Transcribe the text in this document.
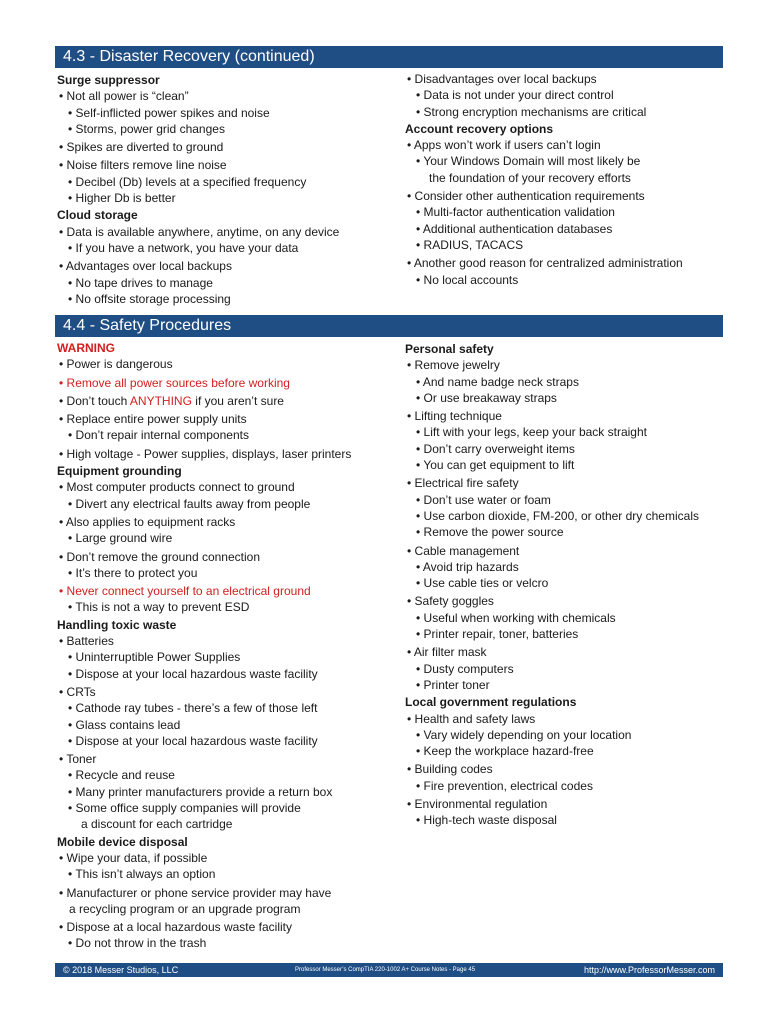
4.3 - Disaster Recovery (continued)
Surge suppressor
• Not all power is “clean”
• Self-inflicted power spikes and noise
• Storms, power grid changes
• Spikes are diverted to ground
• Noise filters remove line noise
• Decibel (Db) levels at a specified frequency
• Higher Db is better
Cloud storage
• Data is available anywhere, anytime, on any device
• If you have a network, you have your data
• Advantages over local backups
• No tape drives to manage
• No offsite storage processing
• Disadvantages over local backups
• Data is not under your direct control
• Strong encryption mechanisms are critical
Account recovery options
• Apps won’t work if users can’t login
• Your Windows Domain will most likely be
the foundation of your recovery efforts
• Consider other authentication requirements
• Multi-factor authentication validation
• Additional authentication databases
• RADIUS, TACACS
• Another good reason for centralized administration
• No local accounts
4.4 - Safety Procedures
WARNING
• Power is dangerous
• Remove all power sources before working
• Don’t touch ANYTHING if you aren’t sure
• Replace entire power supply units
• Don’t repair internal components
• High voltage - Power supplies, displays, laser printers
Equipment grounding
• Most computer products connect to ground
• Divert any electrical faults away from people
• Also applies to equipment racks
• Large ground wire
• Don’t remove the ground connection
• It’s there to protect you
• Never connect yourself to an electrical ground
• This is not a way to prevent ESD
Handling toxic waste
• Batteries
• Uninterruptible Power Supplies
• Dispose at your local hazardous waste facility
• CRTs
• Cathode ray tubes - there’s a few of those left
• Glass contains lead
• Dispose at your local hazardous waste facility
• Toner
• Recycle and reuse
• Many printer manufacturers provide a return box
• Some office supply companies will provide
a discount for each cartridge
Mobile device disposal
• Wipe your data, if possible
• This isn’t always an option
• Manufacturer or phone service provider may have
a recycling program or an upgrade program
• Dispose at a local hazardous waste facility
• Do not throw in the trash
Personal safety
• Remove jewelry
• And name badge neck straps
• Or use breakaway straps
• Lifting technique
• Lift with your legs, keep your back straight
• Don’t carry overweight items
• You can get equipment to lift
• Electrical fire safety
• Don’t use water or foam
• Use carbon dioxide, FM-200, or other dry chemicals
• Remove the power source
• Cable management
• Avoid trip hazards
• Use cable ties or velcro
• Safety goggles
• Useful when working with chemicals
• Printer repair, toner, batteries
• Air filter mask
• Dusty computers
• Printer toner
Local government regulations
• Health and safety laws
• Vary widely depending on your location
• Keep the workplace hazard-free
• Building codes
• Fire prevention, electrical codes
• Environmental regulation
• High-tech waste disposal
© 2018 Messer Studios, LLC	Professor Messer’s CompTIA 220-1002 A+ Course Notes - Page 45	http://www.ProfessorMesser.com
